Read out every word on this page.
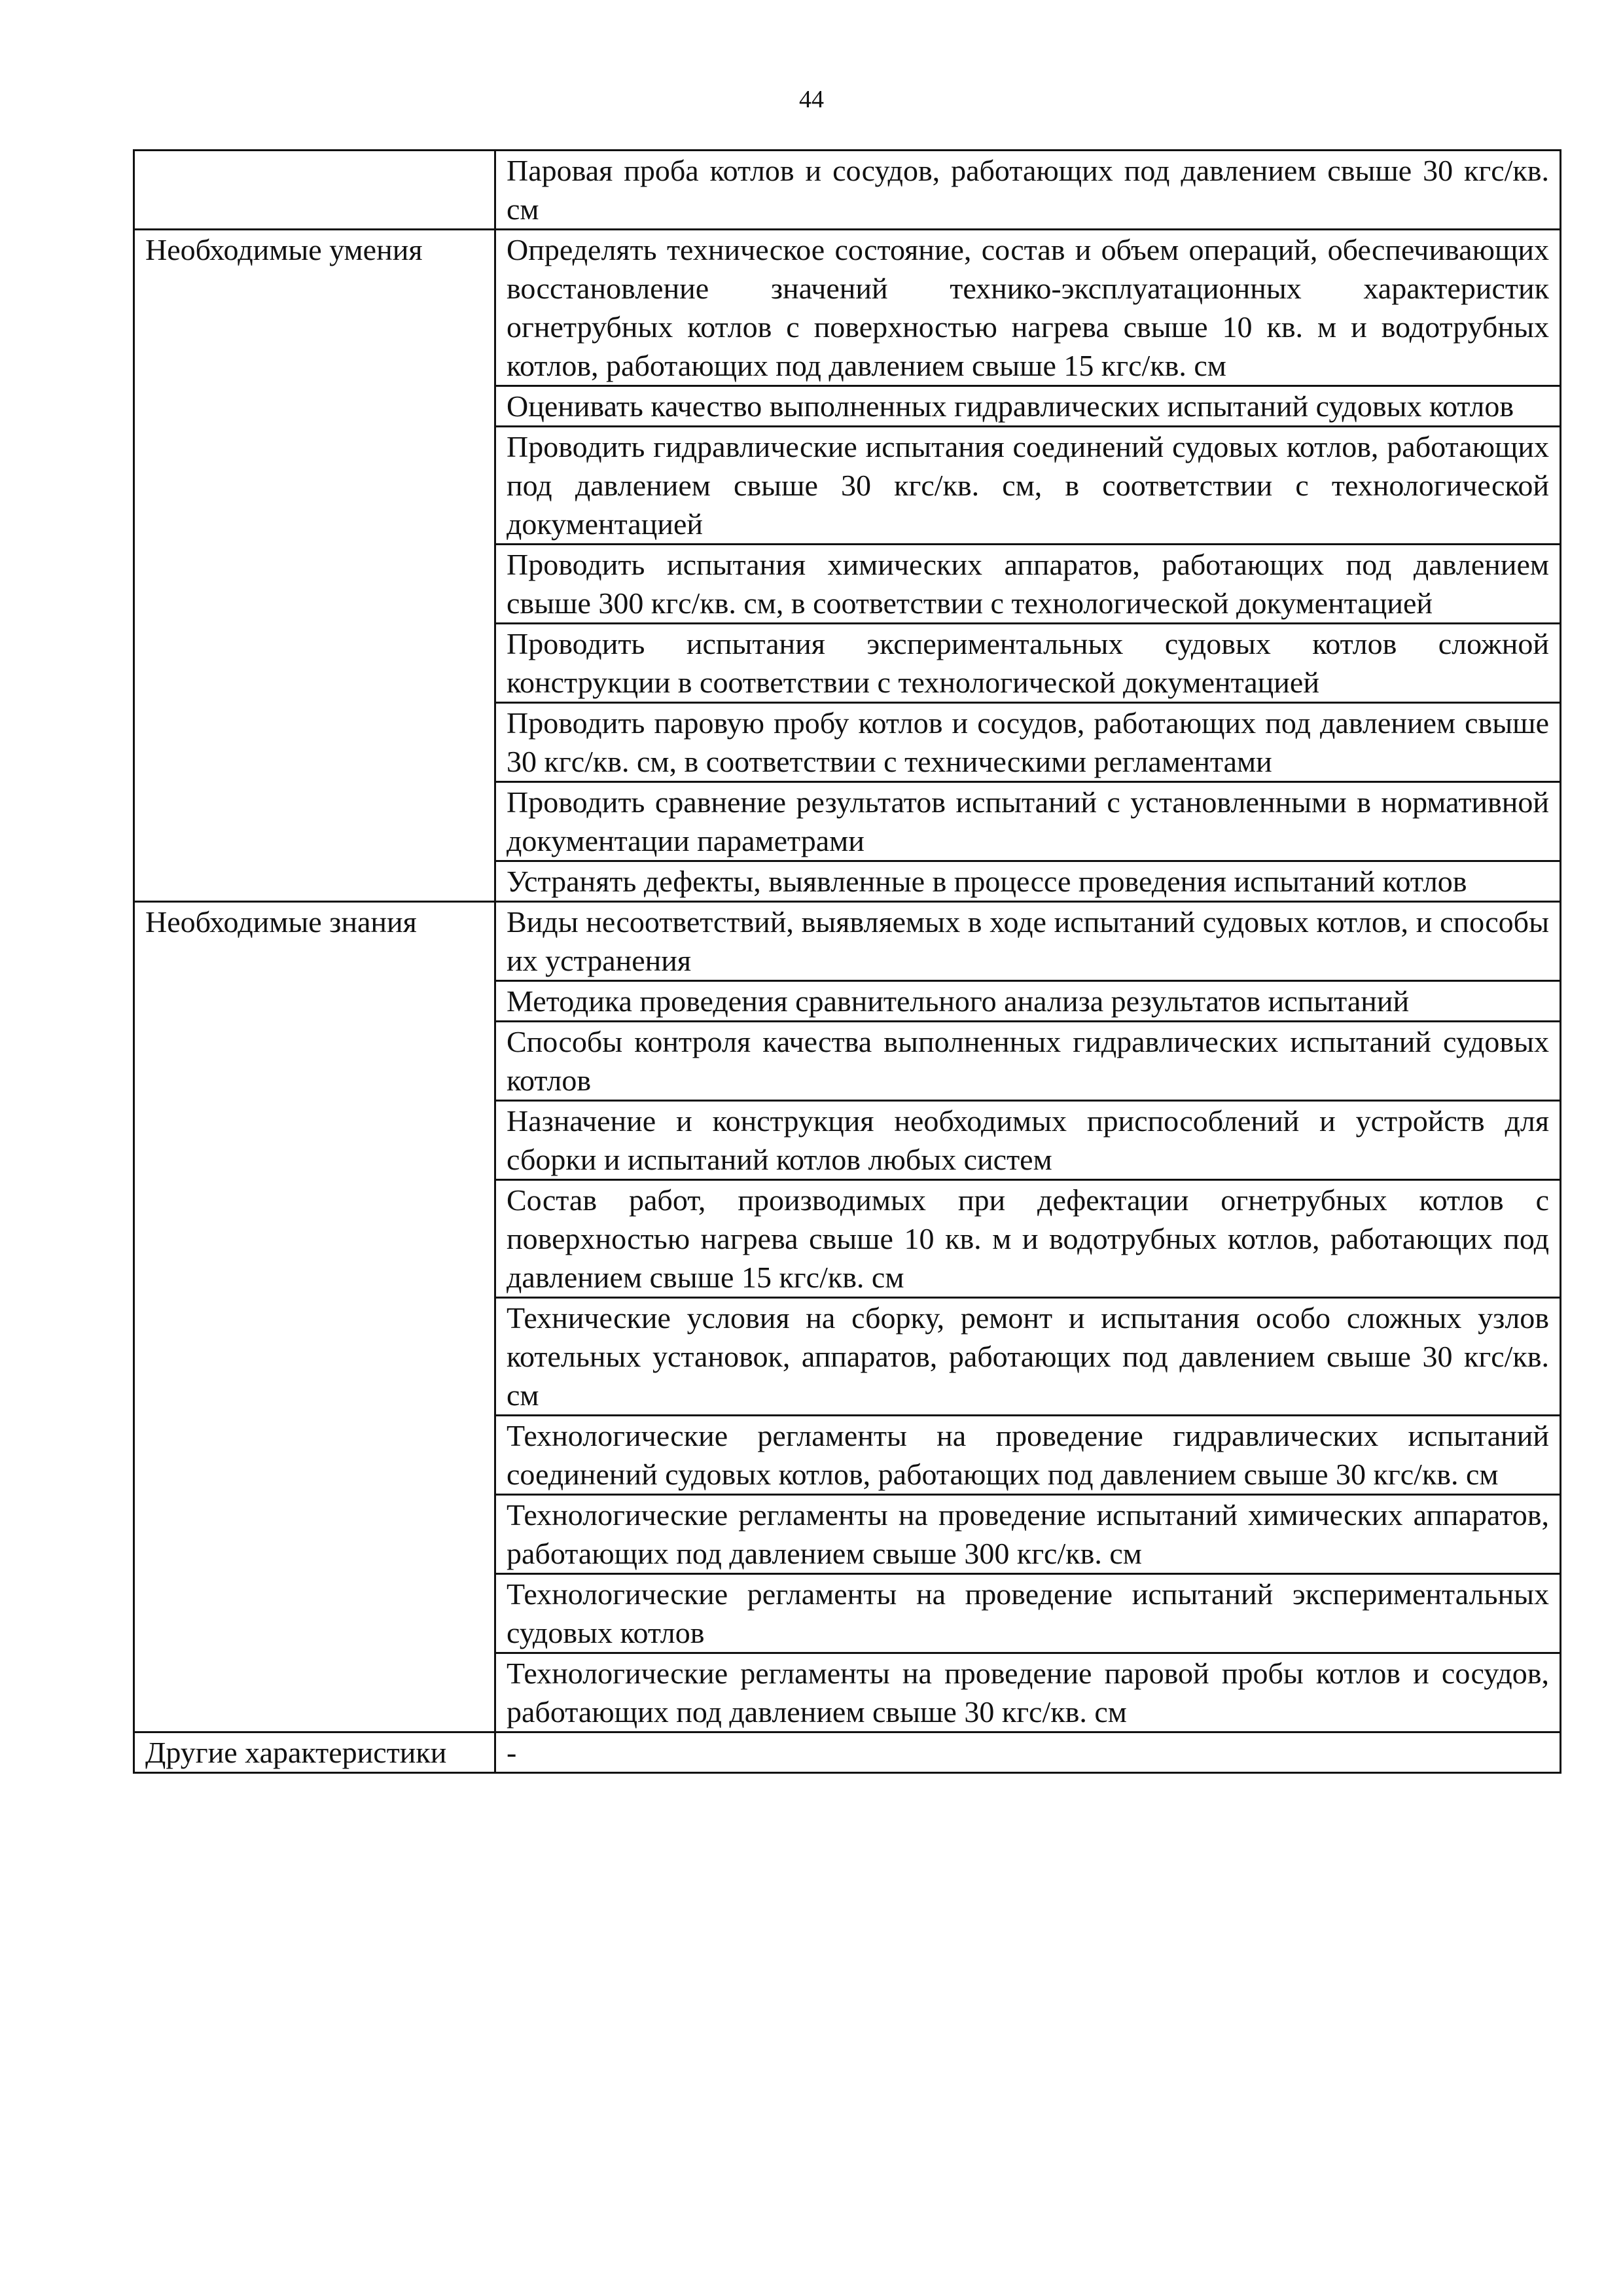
44
	Паровая проба котлов и сосудов, работающих под давлением свыше 30 кгс/кв. см
Необходимые умения	Определять техническое состояние, состав и объем операций, обеспечивающих восстановление значений технико-эксплуатационных характеристик огнетрубных котлов с поверхностью нагрева свыше 10 кв. м и водотрубных котлов, работающих под давлением свыше 15 кгс/кв. см
	Оценивать качество выполненных гидравлических испытаний судовых котлов
	Проводить гидравлические испытания соединений судовых котлов, работающих под давлением свыше 30 кгс/кв. см, в соответствии с технологической документацией
	Проводить испытания химических аппаратов, работающих под давлением свыше 300 кгс/кв. см, в соответствии с технологической документацией
	Проводить испытания экспериментальных судовых котлов сложной конструкции в соответствии с технологической документацией
	Проводить паровую пробу котлов и сосудов, работающих под давлением свыше 30 кгс/кв. см, в соответствии с техническими регламентами
	Проводить сравнение результатов испытаний с установленными в нормативной документации параметрами
	Устранять дефекты, выявленные в процессе проведения испытаний котлов
Необходимые знания	Виды несоответствий, выявляемых в ходе испытаний судовых котлов, и способы их устранения
	Методика проведения сравнительного анализа результатов испытаний
	Способы контроля качества выполненных гидравлических испытаний судовых котлов
	Назначение и конструкция необходимых приспособлений и устройств для сборки и испытаний котлов любых систем
	Состав работ, производимых при дефектации огнетрубных котлов с поверхностью нагрева свыше 10 кв. м и водотрубных котлов, работающих под давлением свыше 15 кгс/кв. см
	Технические условия на сборку, ремонт и испытания особо сложных узлов котельных установок, аппаратов, работающих под давлением свыше 30 кгс/кв. см
	Технологические регламенты на проведение гидравлических испытаний соединений судовых котлов, работающих под давлением свыше 30 кгс/кв. см
	Технологические регламенты на проведение испытаний химических аппаратов, работающих под давлением свыше 300 кгс/кв. см
	Технологические регламенты на проведение испытаний экспериментальных судовых котлов
	Технологические регламенты на проведение паровой пробы котлов и сосудов, работающих под давлением свыше 30 кгс/кв. см
Другие характеристики	-
